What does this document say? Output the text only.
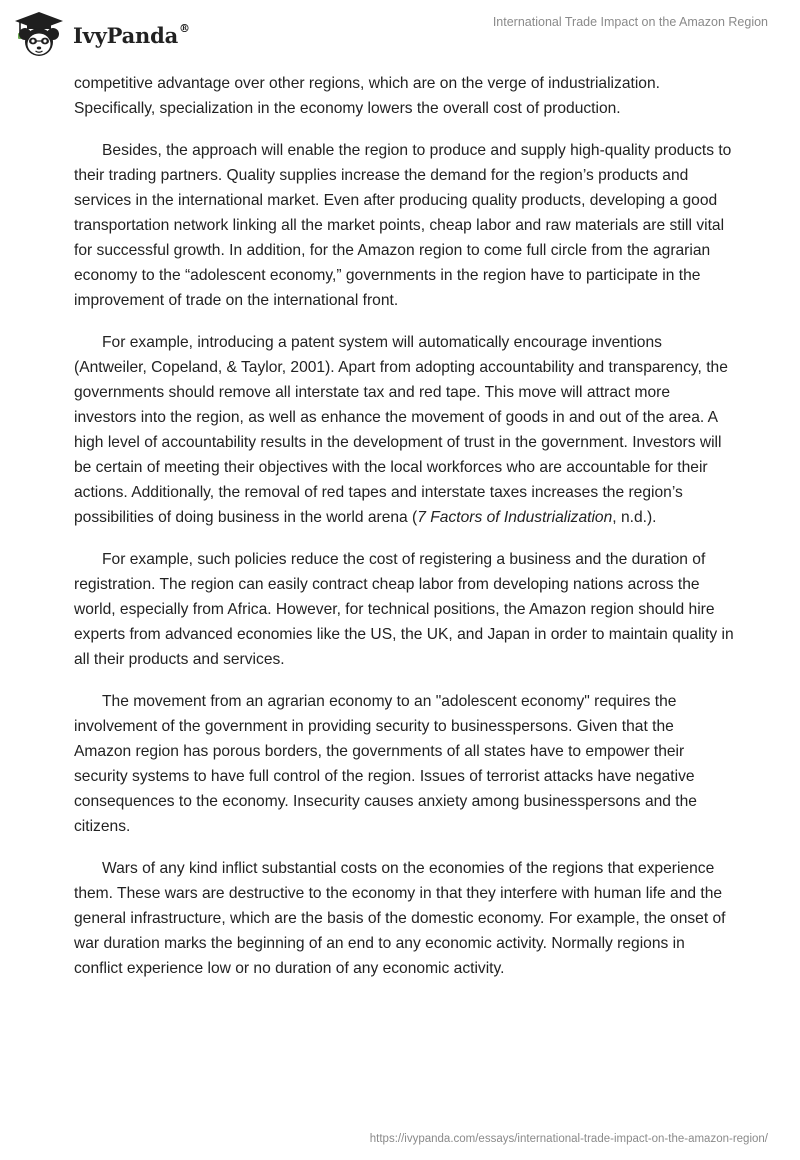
IvyPanda®	International Trade Impact on the Amazon Region

competitive advantage over other regions, which are on the verge of industrialization. Specifically, specialization in the economy lowers the overall cost of production.

Besides, the approach will enable the region to produce and supply high-quality products to their trading partners. Quality supplies increase the demand for the region’s products and services in the international market. Even after producing quality products, developing a good transportation network linking all the market points, cheap labor and raw materials are still vital for successful growth. In addition, for the Amazon region to come full circle from the agrarian economy to the “adolescent economy,” governments in the region have to participate in the improvement of trade on the international front.

For example, introducing a patent system will automatically encourage inventions (Antweiler, Copeland, & Taylor, 2001). Apart from adopting accountability and transparency, the governments should remove all interstate tax and red tape. This move will attract more investors into the region, as well as enhance the movement of goods in and out of the area. A high level of accountability results in the development of trust in the government. Investors will be certain of meeting their objectives with the local workforces who are accountable for their actions. Additionally, the removal of red tapes and interstate taxes increases the region’s possibilities of doing business in the world arena (7 Factors of Industrialization, n.d.).

For example, such policies reduce the cost of registering a business and the duration of registration. The region can easily contract cheap labor from developing nations across the world, especially from Africa. However, for technical positions, the Amazon region should hire experts from advanced economies like the US, the UK, and Japan in order to maintain quality in all their products and services.

The movement from an agrarian economy to an "adolescent economy" requires the involvement of the government in providing security to businesspersons. Given that the Amazon region has porous borders, the governments of all states have to empower their security systems to have full control of the region. Issues of terrorist attacks have negative consequences to the economy. Insecurity causes anxiety among businesspersons and the citizens.

Wars of any kind inflict substantial costs on the economies of the regions that experience them. These wars are destructive to the economy in that they interfere with human life and the general infrastructure, which are the basis of the domestic economy. For example, the onset of war duration marks the beginning of an end to any economic activity. Normally regions in conflict experience low or no duration of any economic activity.

https://ivypanda.com/essays/international-trade-impact-on-the-amazon-region/
